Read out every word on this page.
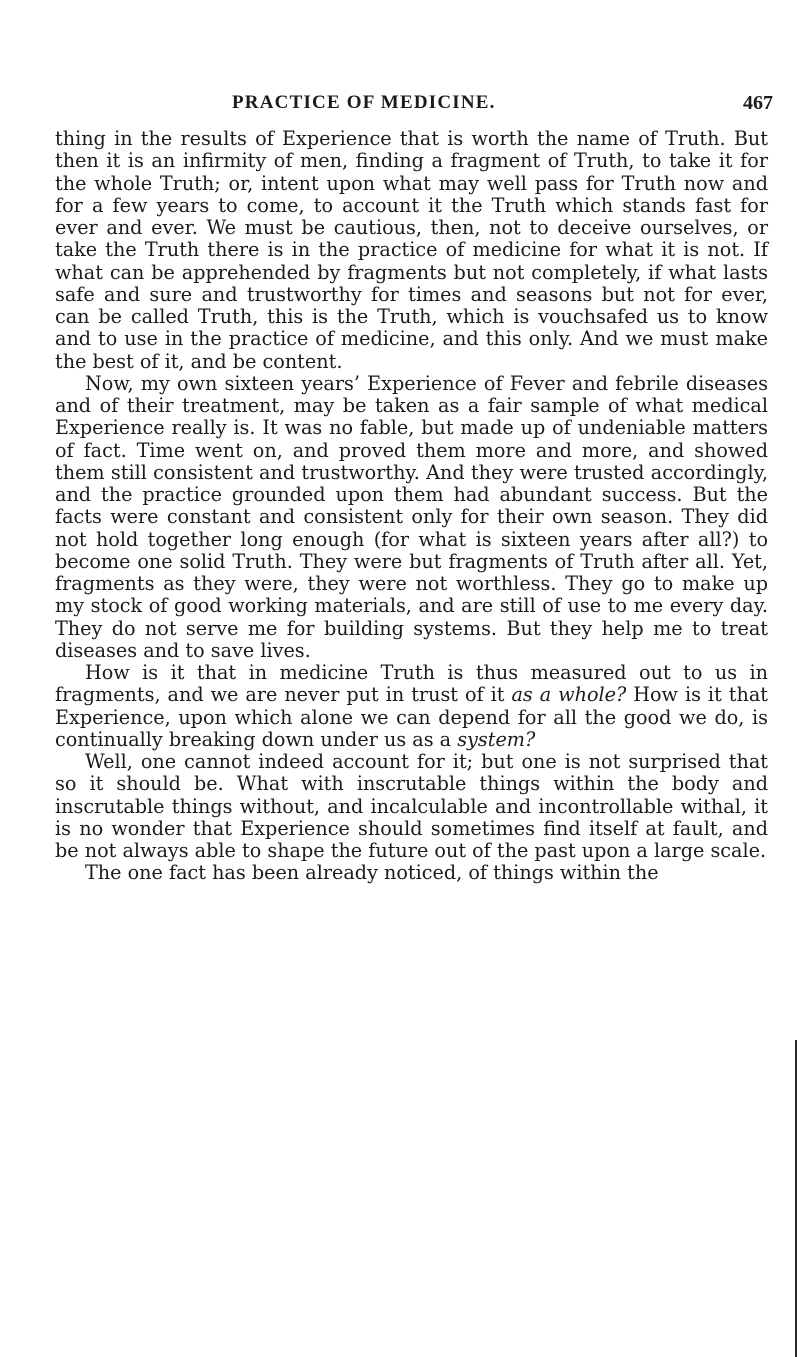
PRACTICE OF MEDICINE.	467

thing in the results of Experience that is worth the name of Truth. But then it is an infirmity of men, finding a fragment of Truth, to take it for the whole Truth; or, intent upon what may well pass for Truth now and for a few years to come, to account it the Truth which stands fast for ever and ever. We must be cautious, then, not to deceive ourselves, or take the Truth there is in the practice of medicine for what it is not. If what can be apprehended by fragments but not completely, if what lasts safe and sure and trustworthy for times and seasons but not for ever, can be called Truth, this is the Truth, which is vouchsafed us to know and to use in the practice of medicine, and this only. And we must make the best of it, and be content.

Now, my own sixteen years’ Experience of Fever and febrile diseases and of their treatment, may be taken as a fair sample of what medical Experience really is. It was no fable, but made up of undeniable matters of fact. Time went on, and proved them more and more, and showed them still consistent and trustworthy. And they were trusted accordingly, and the practice grounded upon them had abundant success. But the facts were constant and consistent only for their own season. They did not hold together long enough (for what is sixteen years after all?) to become one solid Truth. They were but fragments of Truth after all. Yet, fragments as they were, they were not worthless. They go to make up my stock of good working materials, and are still of use to me every day. They do not serve me for building systems. But they help me to treat diseases and to save lives.

How is it that in medicine Truth is thus measured out to us in fragments, and we are never put in trust of it as a whole? How is it that Experience, upon which alone we can depend for all the good we do, is continually breaking down under us as a system?

Well, one cannot indeed account for it; but one is not surprised that so it should be. What with inscrutable things within the body and inscrutable things without, and incalculable and incontrollable withal, it is no wonder that Experience should sometimes find itself at fault, and be not always able to shape the future out of the past upon a large scale.

The one fact has been already noticed, of things within the
